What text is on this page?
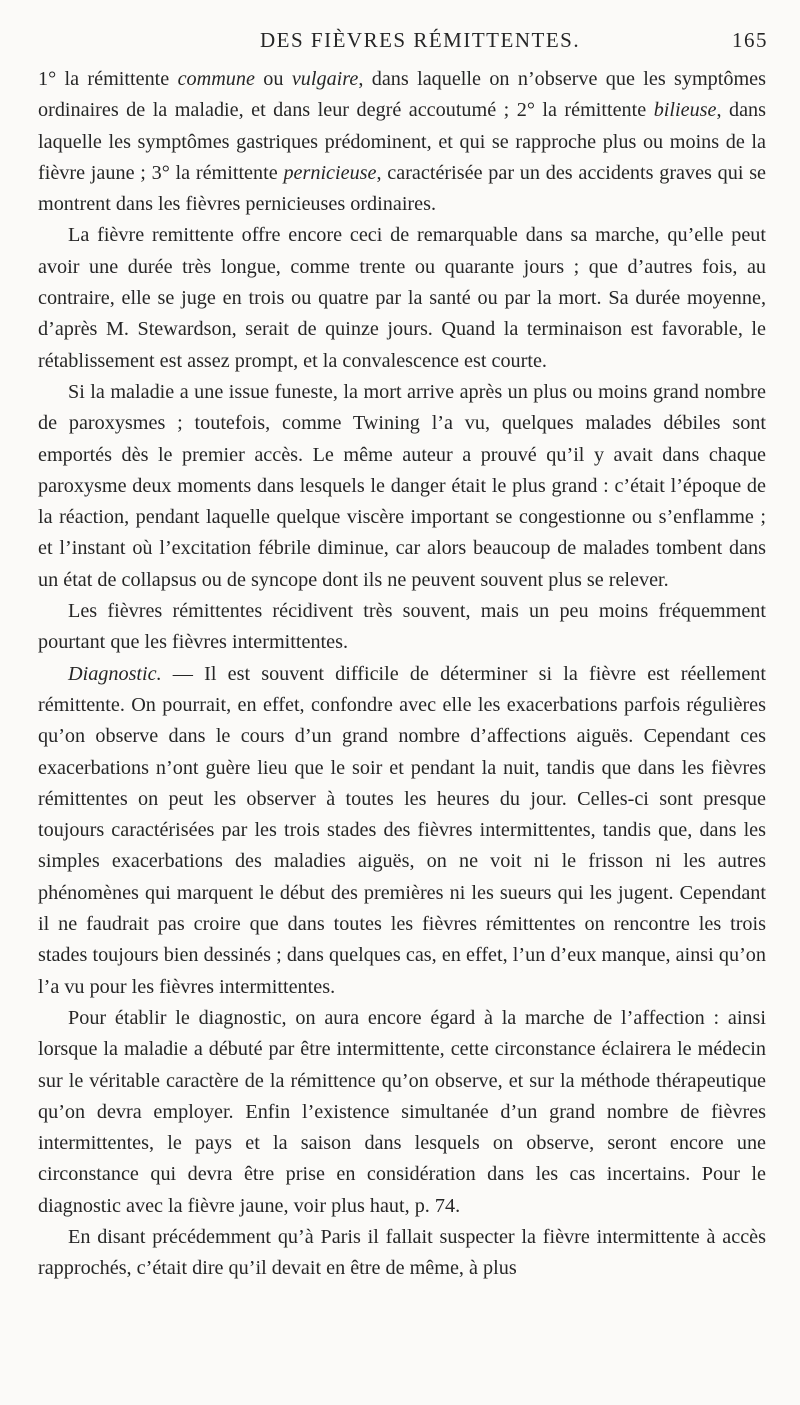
DES FIÈVRES RÉMITTENTES.	165

1° la rémittente commune ou vulgaire, dans laquelle on n’observe que les symptômes ordinaires de la maladie, et dans leur degré accoutumé ; 2° la rémittente bilieuse, dans laquelle les symptômes gastriques prédominent, et qui se rapproche plus ou moins de la fièvre jaune ; 3° la rémittente pernicieuse, caractérisée par un des accidents graves qui se montrent dans les fièvres pernicieuses ordinaires.

La fièvre remittente offre encore ceci de remarquable dans sa marche, qu’elle peut avoir une durée très longue, comme trente ou quarante jours ; que d’autres fois, au contraire, elle se juge en trois ou quatre par la santé ou par la mort. Sa durée moyenne, d’après M. Stewardson, serait de quinze jours. Quand la terminaison est favorable, le rétablissement est assez prompt, et la convalescence est courte.

Si la maladie a une issue funeste, la mort arrive après un plus ou moins grand nombre de paroxysmes ; toutefois, comme Twining l’a vu, quelques malades débiles sont emportés dès le premier accès. Le même auteur a prouvé qu’il y avait dans chaque paroxysme deux moments dans lesquels le danger était le plus grand : c’était l’époque de la réaction, pendant laquelle quelque viscère important se congestionne ou s’enflamme ; et l’instant où l’excitation fébrile diminue, car alors beaucoup de malades tombent dans un état de collapsus ou de syncope dont ils ne peuvent souvent plus se relever.

Les fièvres rémittentes récidivent très souvent, mais un peu moins fréquemment pourtant que les fièvres intermittentes.

Diagnostic. — Il est souvent difficile de déterminer si la fièvre est réellement rémittente. On pourrait, en effet, confondre avec elle les exacerbations parfois régulières qu’on observe dans le cours d’un grand nombre d’affections aiguës. Cependant ces exacerbations n’ont guère lieu que le soir et pendant la nuit, tandis que dans les fièvres rémittentes on peut les observer à toutes les heures du jour. Celles-ci sont presque toujours caractérisées par les trois stades des fièvres intermittentes, tandis que, dans les simples exacerbations des maladies aiguës, on ne voit ni le frisson ni les autres phénomènes qui marquent le début des premières ni les sueurs qui les jugent. Cependant il ne faudrait pas croire que dans toutes les fièvres rémittentes on rencontre les trois stades toujours bien dessinés ; dans quelques cas, en effet, l’un d’eux manque, ainsi qu’on l’a vu pour les fièvres intermittentes.

Pour établir le diagnostic, on aura encore égard à la marche de l’affection : ainsi lorsque la maladie a débuté par être intermittente, cette circonstance éclairera le médecin sur le véritable caractère de la rémittence qu’on observe, et sur la méthode thérapeutique qu’on devra employer. Enfin l’existence simultanée d’un grand nombre de fièvres intermittentes, le pays et la saison dans lesquels on observe, seront encore une circonstance qui devra être prise en considération dans les cas incertains. Pour le diagnostic avec la fièvre jaune, voir plus haut, p. 74.

En disant précédemment qu’à Paris il fallait suspecter la fièvre intermittente à accès rapprochés, c’était dire qu’il devait en être de même, à plus
